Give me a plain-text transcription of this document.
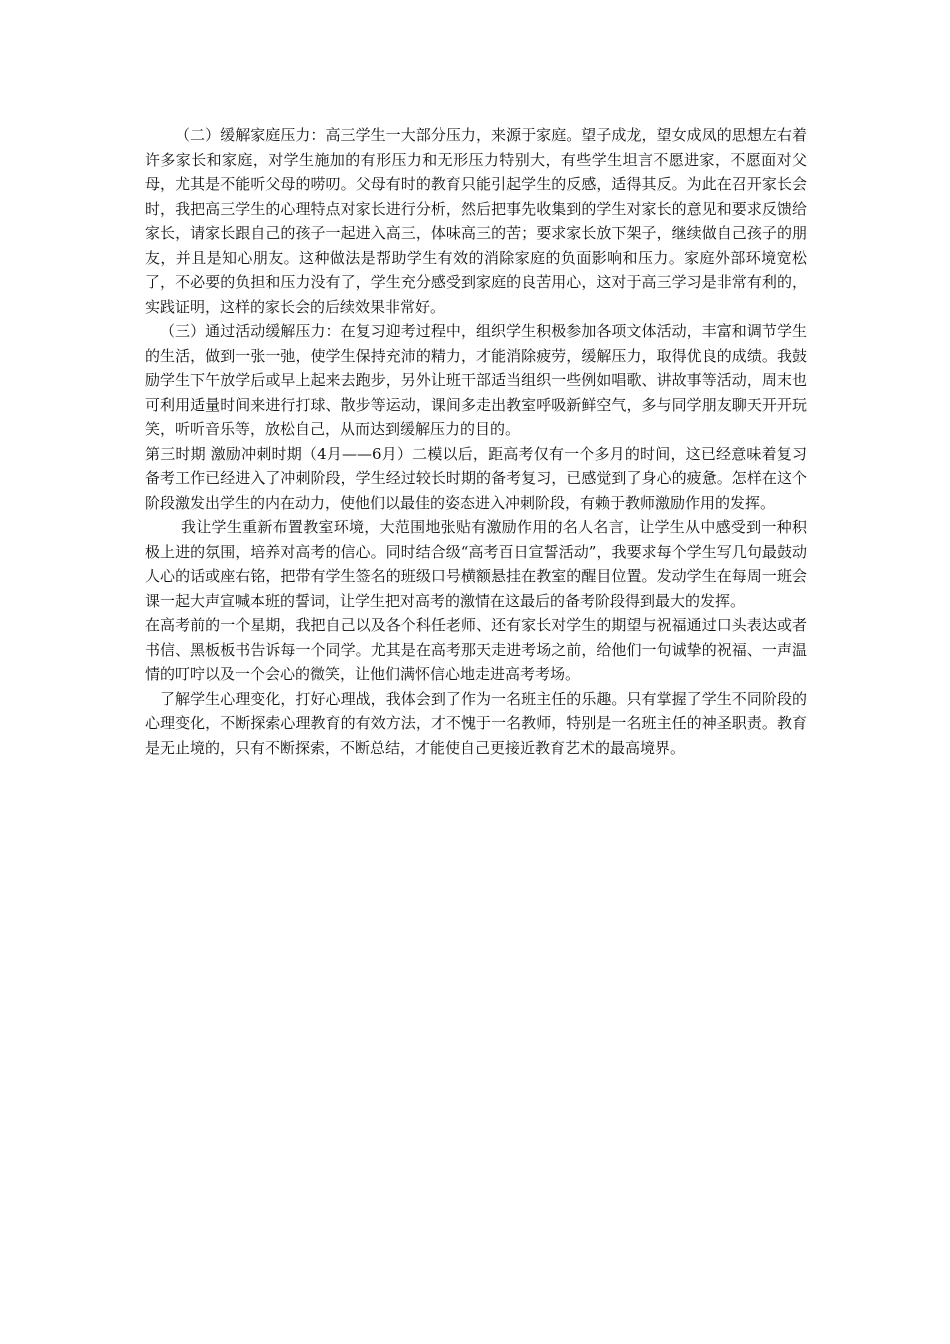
（二）缓解家庭压力：高三学生一大部分压力，来源于家庭。望子成龙，望女成凤的思想左右着许多家长和家庭，对学生施加的有形压力和无形压力特别大，有些学生坦言不愿进家，不愿面对父母，尤其是不能听父母的唠叨。父母有时的教育只能引起学生的反感，适得其反。为此在召开家长会时，我把高三学生的心理特点对家长进行分析，然后把事先收集到的学生对家长的意见和要求反馈给家长，请家长跟自己的孩子一起进入高三，体味高三的苦；要求家长放下架子，继续做自己孩子的朋友，并且是知心朋友。这种做法是帮助学生有效的消除家庭的负面影响和压力。家庭外部环境宽松了，不必要的负担和压力没有了，学生充分感受到家庭的良苦用心，这对于高三学习是非常有利的，实践证明，这样的家长会的后续效果非常好。

（三）通过活动缓解压力：在复习迎考过程中，组织学生积极参加各项文体活动，丰富和调节学生的生活，做到一张一弛，使学生保持充沛的精力，才能消除疲劳，缓解压力，取得优良的成绩。我鼓励学生下午放学后或早上起来去跑步，另外让班干部适当组织一些例如唱歌、讲故事等活动，周末也可利用适量时间来进行打球、散步等运动，课间多走出教室呼吸新鲜空气，多与同学朋友聊天开开玩笑，听听音乐等，放松自己，从而达到缓解压力的目的。

第三时期 激励冲刺时期（4月——6月）二模以后，距高考仅有一个多月的时间，这已经意味着复习备考工作已经进入了冲刺阶段，学生经过较长时期的备考复习，已感觉到了身心的疲惫。怎样在这个阶段激发出学生的内在动力，使他们以最佳的姿态进入冲刺阶段，有赖于教师激励作用的发挥。

我让学生重新布置教室环境，大范围地张贴有激励作用的名人名言，让学生从中感受到一种积极上进的氛围，培养对高考的信心。同时结合级“高考百日宣誓活动”，我要求每个学生写几句最鼓动人心的话或座右铭，把带有学生签名的班级口号横额悬挂在教室的醒目位置。发动学生在每周一班会课一起大声宣喊本班的誓词，让学生把对高考的激情在这最后的备考阶段得到最大的发挥。

在高考前的一个星期，我把自己以及各个科任老师、还有家长对学生的期望与祝福通过口头表达或者书信、黑板板书告诉每一个同学。尤其是在高考那天走进考场之前，给他们一句诚挚的祝福、一声温情的叮咛以及一个会心的微笑，让他们满怀信心地走进高考考场。

了解学生心理变化，打好心理战，我体会到了作为一名班主任的乐趣。只有掌握了学生不同阶段的心理变化，不断探索心理教育的有效方法，才不愧于一名教师，特别是一名班主任的神圣职责。教育是无止境的，只有不断探索，不断总结，才能使自己更接近教育艺术的最高境界。
